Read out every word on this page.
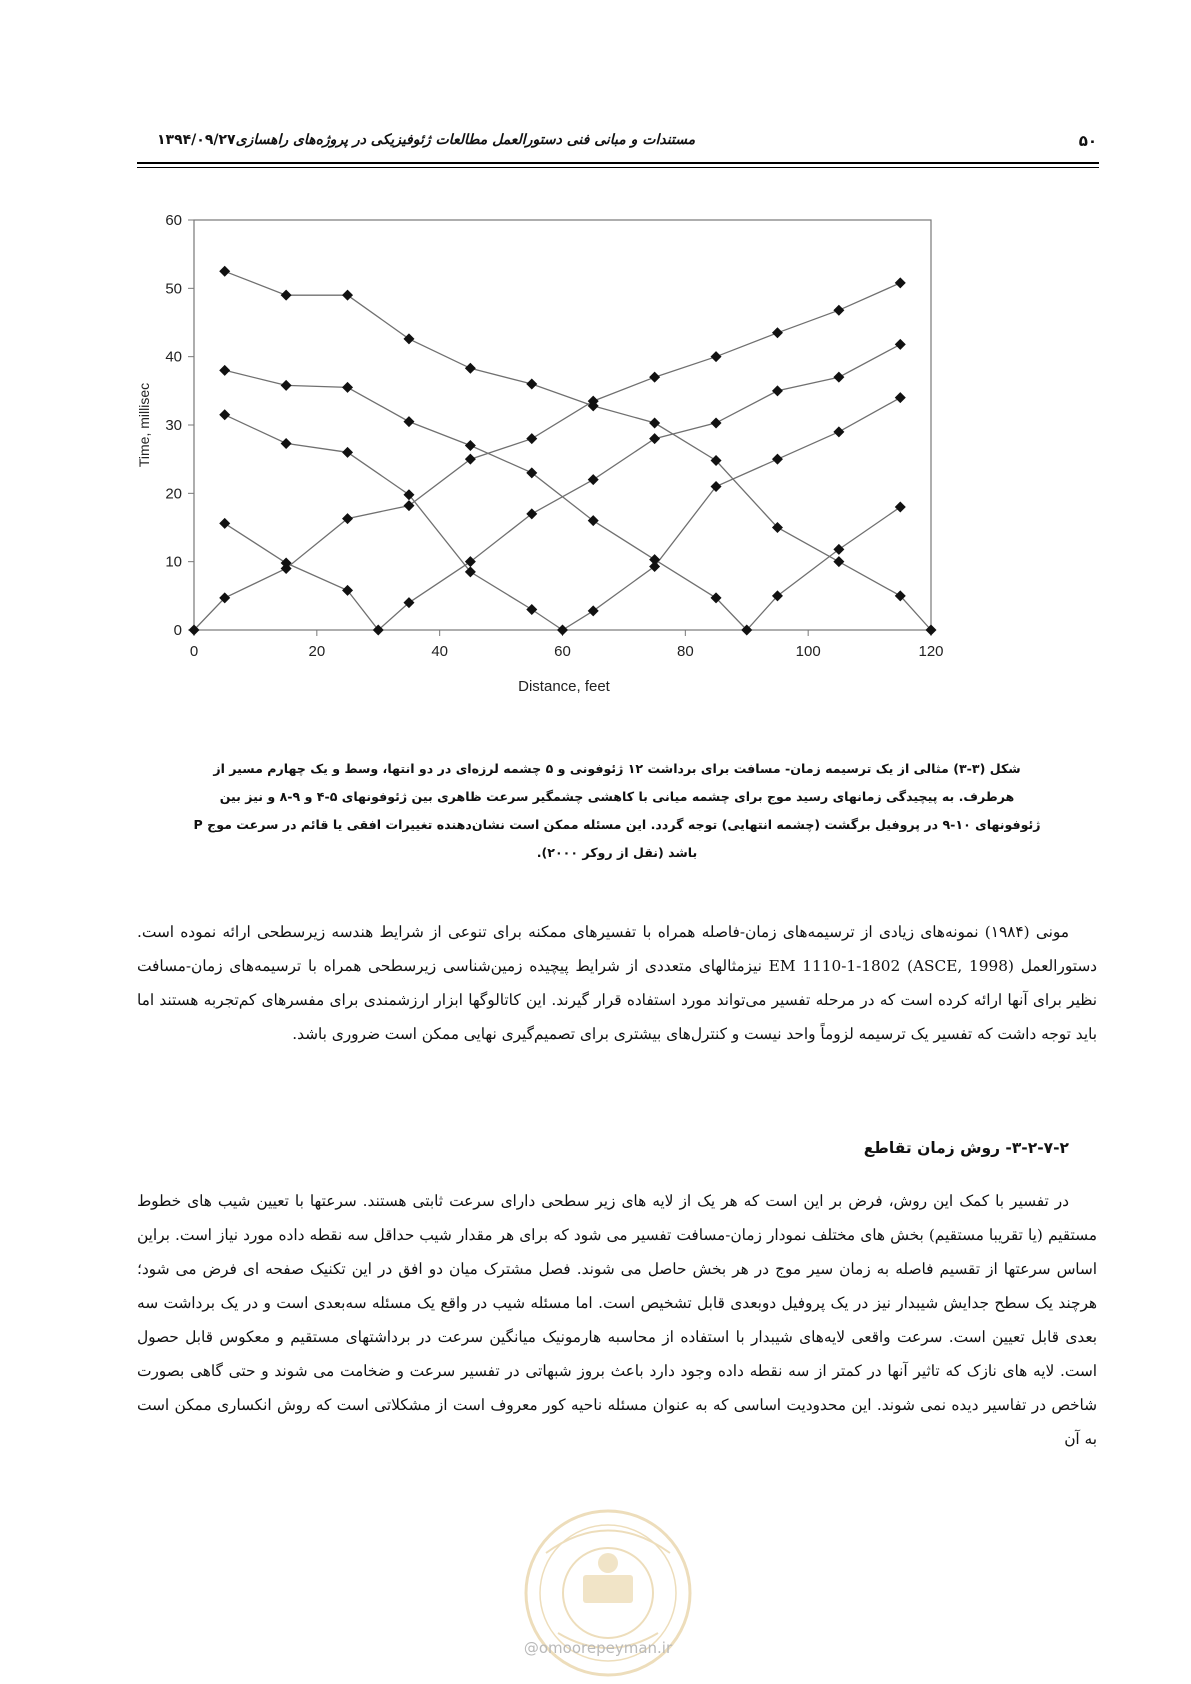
۵۰
مستندات و مبانی فنی دستورالعمل مطالعات ژئوفیزیکی در پروژه‌های راهسازی۱۳۹۴/۰۹/۲۷
0	20	40	60	80	100	120
0
10
20
30
40
50
60
Distance, feet
Time, millisec
شکل (۳-۳) مثالی از یک ترسیمه زمان- مسافت برای برداشت ۱۲ ژئوفونی و ۵ چشمه لرزه‌ای در دو انتها، وسط و یک چهارم مسیر از
هرطرف. به پیچیدگی زمانهای رسید موج برای چشمه میانی با کاهشی چشمگیر سرعت ظاهری بین ژئوفونهای ۵-۴ و ۹-۸ و نیز بین
ژئوفونهای ۱۰-۹ در پروفیل برگشت (چشمه انتهایی) توجه گردد. این مسئله ممکن است نشان‌دهنده تغییرات افقی یا قائم در سرعت موج P
باشد (نقل از روکر ۲۰۰۰).
مونی (۱۹۸۴) نمونه‌های زیادی از ترسیمه‌های زمان-فاصله همراه با تفسیرهای ممکنه برای تنوعی از شرایط هندسه زیرسطحی ارائه نموده است. دستورالعمل EM 1110-1-1802 (ASCE, 1998) نیزمثالهای متعددی از شرایط پیچیده زمین‌شناسی زیرسطحی همراه با ترسیمه‌های زمان-مسافت نظیر برای آنها ارائه کرده است که در مرحله تفسیر می‌تواند مورد استفاده قرار گیرند. این کاتالوگها ابزار ارزشمندی برای مفسرهای کم‌تجربه هستند اما باید توجه داشت که تفسیر یک ترسیمه لزوماً واحد نیست و کنترل‌های بیشتری برای تصمیم‌گیری نهایی ممکن است ضروری باشد.
۳-۲-۷-۲- روش زمان تقاطع
در تفسیر با کمک این روش، فرض بر این است که هر یک از لایه های زیر سطحی دارای سرعت ثابتی هستند. سرعتها با تعیین شیب های خطوط مستقیم (یا تقریبا مستقیم) بخش های مختلف نمودار زمان-مسافت تفسیر می شود که برای هر مقدار شیب حداقل سه نقطه داده مورد نیاز است. براین اساس سرعتها از تقسیم فاصله به زمان سیر موج در هر بخش حاصل می شوند. فصل مشترک میان دو افق در این تکنیک صفحه ای فرض می شود؛ هرچند یک سطح جدایش شیبدار نیز در یک پروفیل دوبعدی قابل تشخیص است. اما مسئله شیب در واقع یک مسئله سه‌بعدی است و در یک برداشت سه بعدی قابل تعیین است. سرعت واقعی لایه‌های شیبدار با استفاده از محاسبه هارمونیک میانگین سرعت در برداشتهای مستقیم و معکوس قابل حصول است. لایه های نازک که تاثیر آنها در کمتر از سه نقطه داده وجود دارد باعث بروز شبهاتی در تفسیر سرعت و ضخامت می شوند و حتی گاهی بصورت شاخص در تفاسیر دیده نمی شوند. این محدودیت اساسی که به عنوان مسئله ناحیه کور معروف است از مشکلاتی است که روش انکساری ممکن است به آن
@omoorepeyman.ir
